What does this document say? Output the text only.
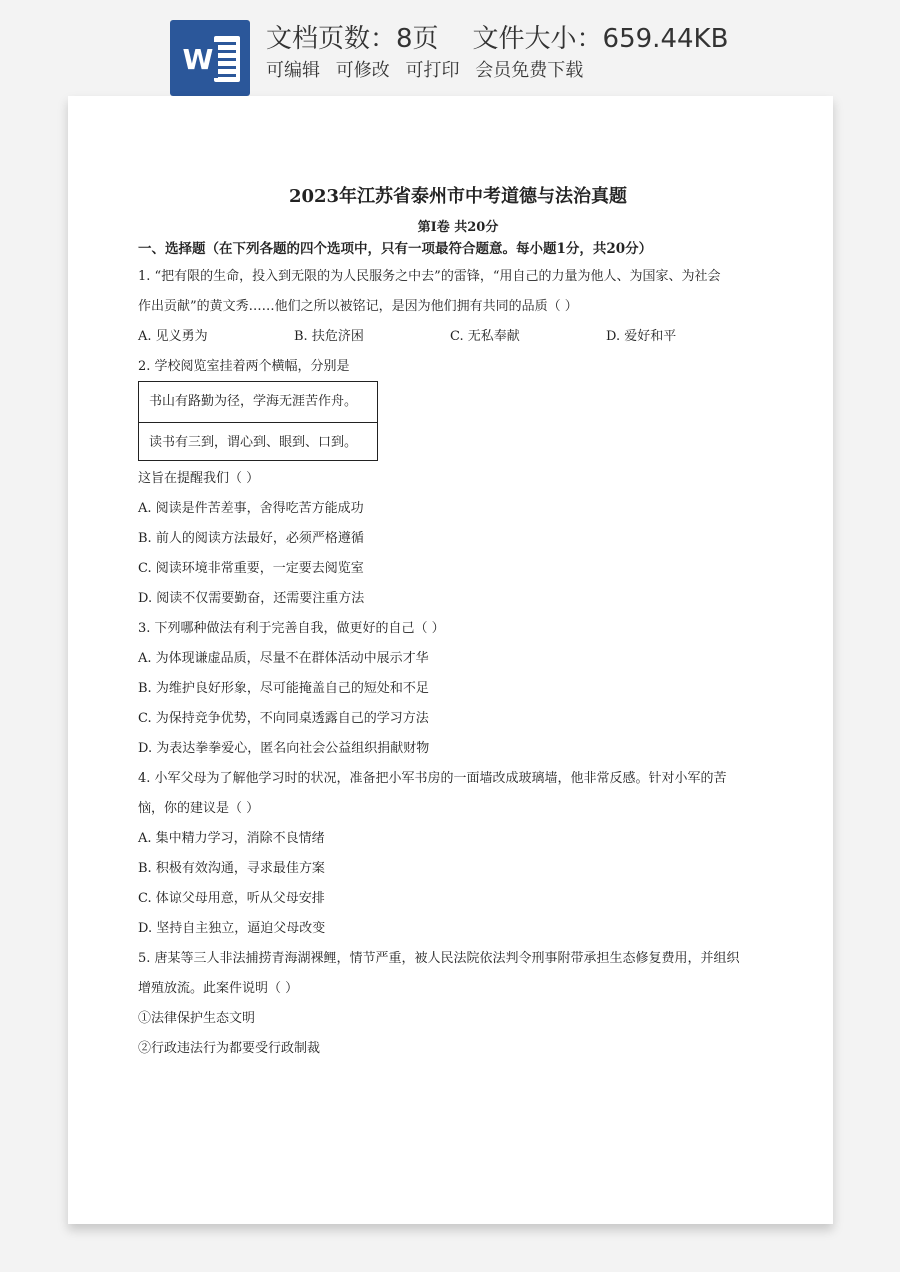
W
文档页数：8页 文件大小：659.44KB
可编辑 可修改 可打印 会员免费下载
2023年江苏省泰州市中考道德与法治真题
第Ⅰ卷 共20分
一、选择题（在下列各题的四个选项中，只有一项最符合题意。每小题1分，共20分）
1. “把有限的生命，投入到无限的为人民服务之中去”的雷锋，“用自己的力量为他人、为国家、为社会
作出贡献”的黄文秀……他们之所以被铭记，是因为他们拥有共同的品质（ ）
A. 见义勇为	B. 扶危济困	C. 无私奉献	D. 爱好和平
2. 学校阅览室挂着两个横幅，分别是
书山有路勤为径，学海无涯苦作舟。
读书有三到，谓心到、眼到、口到。
这旨在提醒我们（ ）
A. 阅读是件苦差事，舍得吃苦方能成功
B. 前人的阅读方法最好，必须严格遵循
C. 阅读环境非常重要，一定要去阅览室
D. 阅读不仅需要勤奋，还需要注重方法
3. 下列哪种做法有利于完善自我，做更好的自己（ ）
A. 为体现谦虚品质，尽量不在群体活动中展示才华
B. 为维护良好形象，尽可能掩盖自己的短处和不足
C. 为保持竞争优势，不向同桌透露自己的学习方法
D. 为表达拳拳爱心，匿名向社会公益组织捐献财物
4. 小军父母为了解他学习时的状况，准备把小军书房的一面墙改成玻璃墙，他非常反感。针对小军的苦
恼，你的建议是（ ）
A. 集中精力学习，消除不良情绪
B. 积极有效沟通，寻求最佳方案
C. 体谅父母用意，听从父母安排
D. 坚持自主独立，逼迫父母改变
5. 唐某等三人非法捕捞青海湖裸鲤，情节严重，被人民法院依法判令刑事附带承担生态修复费用，并组织
增殖放流。此案件说明（ ）
①法律保护生态文明
②行政违法行为都要受行政制裁
